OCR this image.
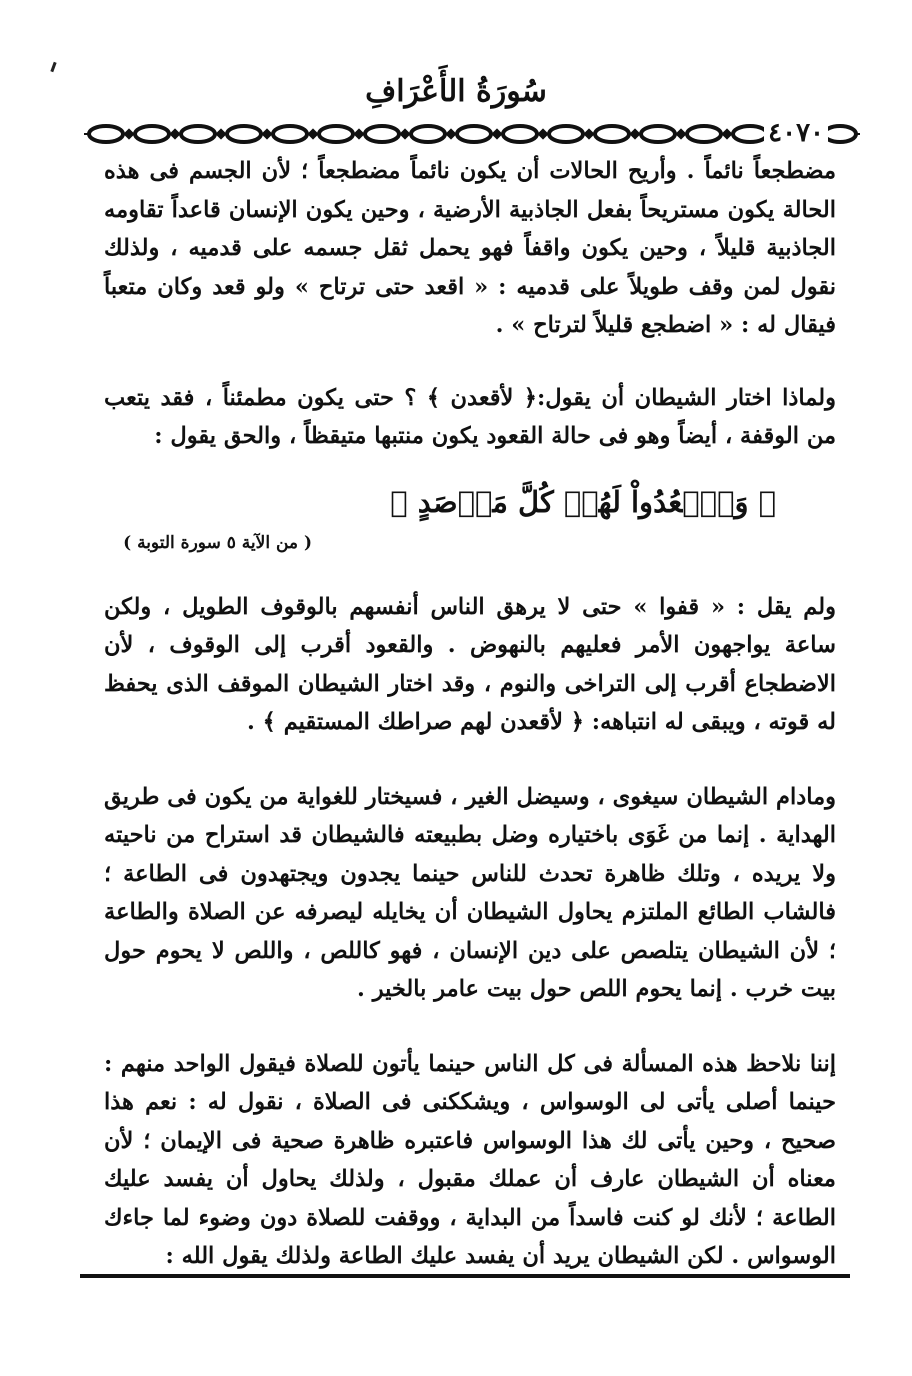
سُورَةُ الأَعْرَافِ
٤٠٧٠

مضطجعاً نائماً . وأريح الحالات أن يكون نائماً مضطجعاً ؛ لأن الجسم فى هذه الحالة يكون مستريحاً بفعل الجاذبية الأرضية ، وحين يكون الإنسان قاعداً تقاومه الجاذبية قليلاً ، وحين يكون واقفاً فهو يحمل ثقل جسمه على قدميه ، ولذلك نقول لمن وقف طويلاً على قدميه : « اقعد حتى ترتاح » ولو قعد وكان متعباً فيقال له : « اضطجع قليلاً لترتاح » .

ولماذا اختار الشيطان أن يقول:﴿ لأقعدن ﴾ ؟ حتى يكون مطمئناً ، فقد يتعب من الوقفة ، أيضاً وهو فى حالة القعود يكون منتبها متيقظاً ، والحق يقول :

﴿ وَٱقۡعُدُواْ لَهُمۡ كُلَّ مَرۡصَدٍ ﴾
( من الآية ٥ سورة التوبة )

ولم يقل : « قفوا » حتى لا يرهق الناس أنفسهم بالوقوف الطويل ، ولكن ساعة يواجهون الأمر فعليهم بالنهوض . والقعود أقرب إلى الوقوف ، لأن الاضطجاع أقرب إلى التراخى والنوم ، وقد اختار الشيطان الموقف الذى يحفظ له قوته ، ويبقى له انتباهه: ﴿ لأقعدن لهم صراطك المستقيم ﴾ .

ومادام الشيطان سيغوى ، وسيضل الغير ، فسيختار للغواية من يكون فى طريق الهداية . إنما من غَوَى باختياره وضل بطبيعته فالشيطان قد استراح من ناحيته ولا يريده ، وتلك ظاهرة تحدث للناس حينما يجدون ويجتهدون فى الطاعة ؛ فالشاب الطائع الملتزم يحاول الشيطان أن يخايله ليصرفه عن الصلاة والطاعة ؛ لأن الشيطان يتلصص على دين الإنسان ، فهو كاللص ، واللص لا يحوم حول بيت خرب . إنما يحوم اللص حول بيت عامر بالخير .

إننا نلاحظ هذه المسألة فى كل الناس حينما يأتون للصلاة فيقول الواحد منهم : حينما أصلى يأتى لى الوسواس ، ويشككنى فى الصلاة ، نقول له : نعم هذا صحيح ، وحين يأتى لك هذا الوسواس فاعتبره ظاهرة صحية فى الإيمان ؛ لأن معناه أن الشيطان عارف أن عملك مقبول ، ولذلك يحاول أن يفسد عليك الطاعة ؛ لأنك لو كنت فاسداً من البداية ، ووقفت للصلاة دون وضوء لما جاءك الوسواس . لكن الشيطان يريد أن يفسد عليك الطاعة ولذلك يقول الله :
